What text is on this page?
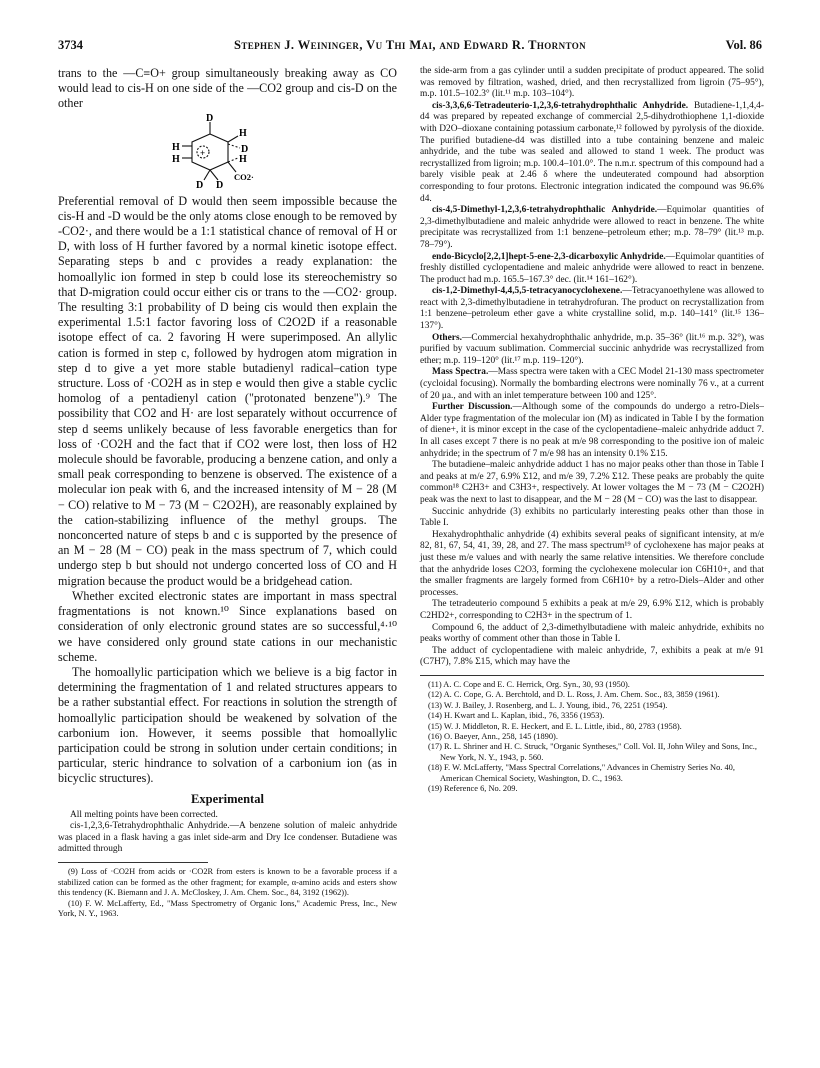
3734	Stephen J. Weininger, Vu Thi Mai, and Edward R. Thornton	Vol. 86

trans to the —C≡O+ group simultaneously breaking away as CO would lead to cis-H on one side of the —CO2 group and cis-D on the other

+
D
H
H	D
H	H
D D
CO2·

Preferential removal of D would then seem impossible because the cis-H and -D would be the only atoms close enough to be removed by -CO2·, and there would be a 1:1 statistical chance of removal of H or D, with loss of H further favored by a normal kinetic isotope effect. Separating steps b and c provides a ready explanation: the homoallylic ion formed in step b could lose its stereochemistry so that D-migration could occur either cis or trans to the —CO2· group. The resulting 3:1 probability of D being cis would then explain the experimental 1.5:1 factor favoring loss of C2O2D if a reasonable isotope effect of ca. 2 favoring H were superimposed. An allylic cation is formed in step c, followed by hydrogen atom migration in step d to give a yet more stable butadienyl radical–cation type structure. Loss of ·CO2H as in step e would then give a stable cyclic homolog of a pentadienyl cation ("protonated benzene").⁹ The possibility that CO2 and H· are lost separately without occurrence of step d seems unlikely because of less favorable energetics than for loss of ·CO2H and the fact that if CO2 were lost, then loss of H2 molecule should be favorable, producing a benzene cation, and only a small peak corresponding to benzene is observed. The existence of a molecular ion peak with 6, and the increased intensity of M − 28 (M − CO) relative to M − 73 (M − C2O2H), are reasonably explained by the cation-stabilizing influence of the methyl groups. The nonconcerted nature of steps b and c is supported by the presence of an M − 28 (M − CO) peak in the mass spectrum of 7, which could undergo step b but should not undergo concerted loss of CO and H migration because the product would be a bridgehead cation.

Whether excited electronic states are important in mass spectral fragmentations is not known.¹⁰ Since explanations based on consideration of only electronic ground states are so successful,⁴·¹⁰ we have considered only ground state cations in our mechanistic scheme.

The homoallylic participation which we believe is a big factor in determining the fragmentation of 1 and related structures appears to be a rather substantial effect. For reactions in solution the strength of homoallylic participation should be weakened by solvation of the carbonium ion. However, it seems possible that homoallylic participation could be strong in solution under certain conditions; in particular, steric hindrance to solvation of a carbonium ion (as in bicyclic structures).

Experimental

All melting points have been corrected.

cis-1,2,3,6-Tetrahydrophthalic Anhydride.—A benzene solution of maleic anhydride was placed in a flask having a gas inlet side-arm and Dry Ice condenser. Butadiene was admitted through

(9) Loss of ·CO2H from acids or ·CO2R from esters is known to be a favorable process if a stabilized cation can be formed as the other fragment; for example, α-amino acids and esters show this tendency (K. Biemann and J. A. McCloskey, J. Am. Chem. Soc., 84, 3192 (1962)).

(10) F. W. McLafferty, Ed., "Mass Spectrometry of Organic Ions," Academic Press, Inc., New York, N. Y., 1963.

the side-arm from a gas cylinder until a sudden precipitate of product appeared. The solid was removed by filtration, washed, dried, and then recrystallized from ligroin (75–95°), m.p. 101.5–102.3° (lit.¹¹ m.p. 103–104°).

cis-3,3,6,6-Tetradeuterio-1,2,3,6-tetrahydrophthalic Anhydride. Butadiene-1,1,4,4-d4 was prepared by repeated exchange of commercial 2,5-dihydrothiophene 1,1-dioxide with D2O–dioxane containing potassium carbonate,¹² followed by pyrolysis of the dioxide. The purified butadiene-d4 was distilled into a tube containing benzene and maleic anhydride, and the tube was sealed and allowed to stand 1 week. The product was recrystallized from ligroin; m.p. 100.4–101.0°. The n.m.r. spectrum of this compound had a barely visible peak at 2.46 δ where the undeuterated compound had absorption corresponding to four protons. Electronic integration indicated the compound was 96.6% d4.

cis-4,5-Dimethyl-1,2,3,6-tetrahydrophthalic Anhydride.—Equimolar quantities of 2,3-dimethylbutadiene and maleic anhydride were allowed to react in benzene. The white precipitate was recrystallized from 1:1 benzene–petroleum ether; m.p. 78–79° (lit.¹³ m.p. 78–79°).

endo-Bicyclo[2,2,1]hept-5-ene-2,3-dicarboxylic Anhydride.—Equimolar quantities of freshly distilled cyclopentadiene and maleic anhydride were allowed to react in benzene. The product had m.p. 165.5–167.3° dec. (lit.¹⁴ 161–162°).

cis-1,2-Dimethyl-4,4,5,5-tetracyanocyclohexene.—Tetracyanoethylene was allowed to react with 2,3-dimethylbutadiene in tetrahydrofuran. The product on recrystallization from 1:1 benzene–petroleum ether gave a white crystalline solid, m.p. 140–141° (lit.¹⁵ 136–137°).

Others.—Commercial hexahydrophthalic anhydride, m.p. 35–36° (lit.¹⁶ m.p. 32°), was purified by vacuum sublimation. Commercial succinic anhydride was recrystallized from ether; m.p. 119–120° (lit.¹⁷ m.p. 119–120°).

Mass Spectra.—Mass spectra were taken with a CEC Model 21-130 mass spectrometer (cycloidal focusing). Normally the bombarding electrons were nominally 76 v., at a current of 20 μa., and with an inlet temperature between 100 and 125°.

Further Discussion.—Although some of the compounds do undergo a retro-Diels–Alder type fragmentation of the molecular ion (M) as indicated in Table I by the formation of diene+, it is minor except in the case of the cyclopentadiene–maleic anhydride adduct 7. In all cases except 7 there is no peak at m/e 98 corresponding to the positive ion of maleic anhydride; in the spectrum of 7 m/e 98 has an intensity 0.1% Σ15.

The butadiene–maleic anhydride adduct 1 has no major peaks other than those in Table I and peaks at m/e 27, 6.9% Σ12, and m/e 39, 7.2% Σ12. These peaks are probably the quite common¹⁸ C2H3+ and C3H3+, respectively. At lower voltages the M − 73 (M − C2O2H) peak was the next to last to disappear, and the M − 28 (M − CO) was the last to disappear.

Succinic anhydride (3) exhibits no particularly interesting peaks other than those in Table I.

Hexahydrophthalic anhydride (4) exhibits several peaks of significant intensity, at m/e 82, 81, 67, 54, 41, 39, 28, and 27. The mass spectrum¹⁹ of cyclohexene has major peaks at just these m/e values and with nearly the same relative intensities. We therefore conclude that the anhydride loses C2O3, forming the cyclohexene molecular ion C6H10+, and that the smaller fragments are largely formed from C6H10+ by a retro-Diels–Alder and other processes.

The tetradeuterio compound 5 exhibits a peak at m/e 29, 6.9% Σ12, which is probably C2HD2+, corresponding to C2H3+ in the spectrum of 1.

Compound 6, the adduct of 2,3-dimethylbutadiene with maleic anhydride, exhibits no peaks worthy of comment other than those in Table I.

The adduct of cyclopentadiene with maleic anhydride, 7, exhibits a peak at m/e 91 (C7H7), 7.8% Σ15, which may have the

(11) A. C. Cope and E. C. Herrick, Org. Syn., 30, 93 (1950).

(12) A. C. Cope, G. A. Berchtold, and D. L. Ross, J. Am. Chem. Soc., 83, 3859 (1961).

(13) W. J. Bailey, J. Rosenberg, and L. J. Young, ibid., 76, 2251 (1954).

(14) H. Kwart and L. Kaplan, ibid., 76, 3356 (1953).

(15) W. J. Middleton, R. E. Heckert, and E. L. Little, ibid., 80, 2783 (1958).

(16) O. Baeyer, Ann., 258, 145 (1890).

(17) R. L. Shriner and H. C. Struck, "Organic Syntheses," Coll. Vol. II, John Wiley and Sons, Inc., New York, N. Y., 1943, p. 560.

(18) F. W. McLafferty, "Mass Spectral Correlations," Advances in Chemistry Series No. 40, American Chemical Society, Washington, D. C., 1963.

(19) Reference 6, No. 209.
